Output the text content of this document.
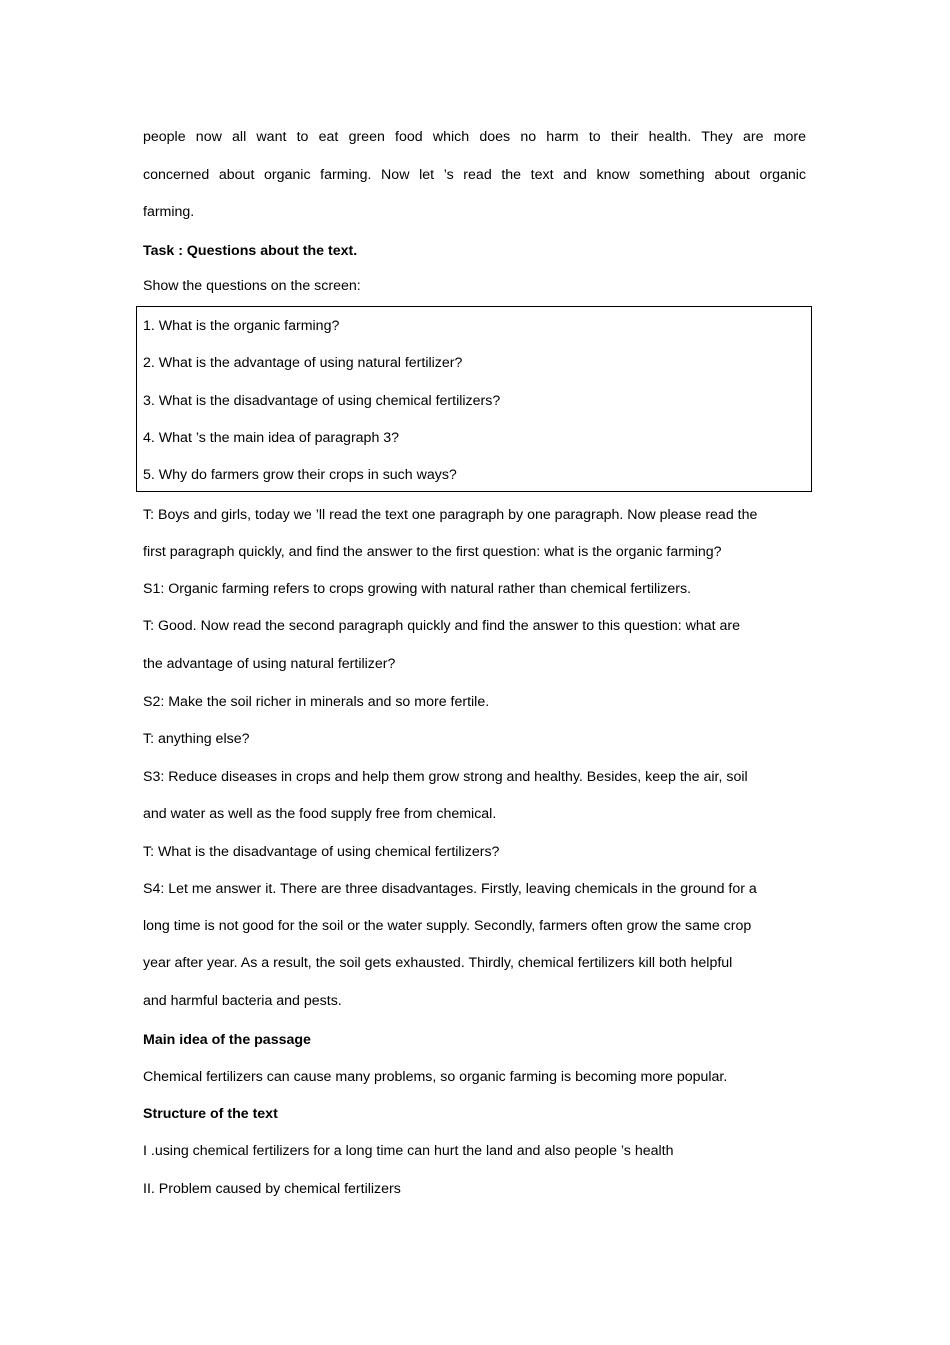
people now all want to eat green food which does no harm to their health. They are more
concerned about organic farming. Now let ’s read the text and know something about organic
farming.
Task : Questions about the text.
Show the questions on the screen:
1. What is the organic farming?
2. What is the advantage of using natural fertilizer?
3. What is the disadvantage of using chemical fertilizers?
4. What ’s the main idea of paragraph 3?
5. Why do farmers grow their crops in such ways?
T: Boys and girls, today we ’ll read the text one paragraph by one paragraph. Now please read the
first paragraph quickly, and find the answer to the first question: what is the organic farming?
S1: Organic farming refers to crops growing with natural rather than chemical fertilizers.
T: Good. Now read the second paragraph quickly and find the answer to this question: what are
the advantage of using natural fertilizer?
S2: Make the soil richer in minerals and so more fertile.
T: anything else?
S3: Reduce diseases in crops and help them grow strong and healthy. Besides, keep the air, soil
and water as well as the food supply free from chemical.
T: What is the disadvantage of using chemical fertilizers?
S4: Let me answer it. There are three disadvantages. Firstly, leaving chemicals in the ground for a
long time is not good for the soil or the water supply. Secondly, farmers often grow the same crop
year after year. As a result, the soil gets exhausted. Thirdly, chemical fertilizers kill both helpful
and harmful bacteria and pests.
Main idea of the passage
Chemical fertilizers can cause many problems, so organic farming is becoming more popular.
Structure of the text
I .using chemical fertilizers for a long time can hurt the land and also people ’s health
II. Problem caused by chemical fertilizers
